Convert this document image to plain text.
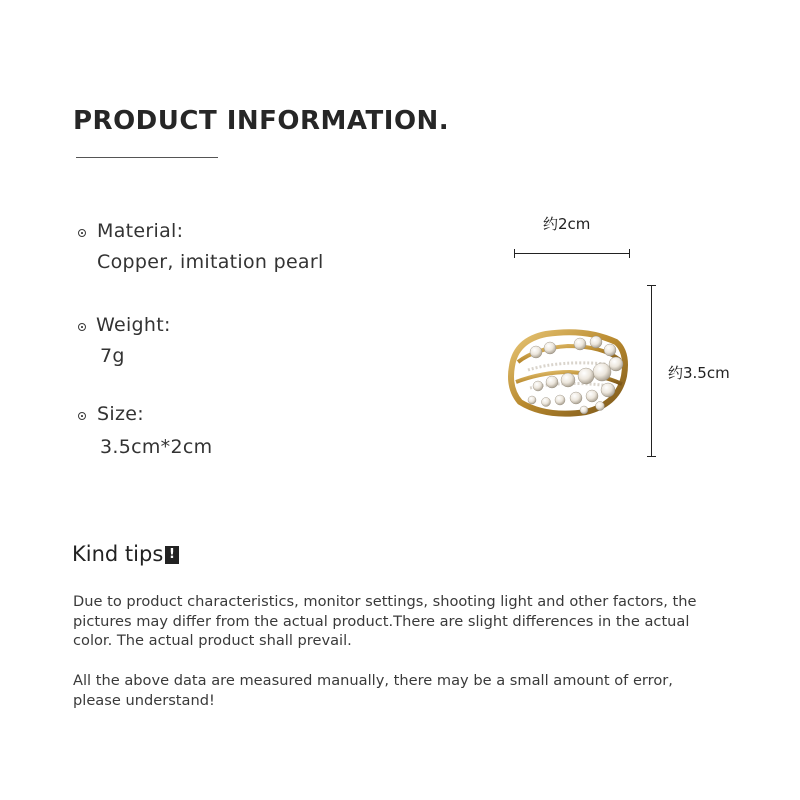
PRODUCT INFORMATION.
Material:
Copper, imitation pearl
Weight:
7g
Size:
3.5cm*2cm
约2cm
约3.5cm
Kind tips !
Due to product characteristics, monitor settings, shooting light and other factors, the pictures may differ from the actual product.There are slight differences in the actual color. The actual product shall prevail.
All the above data are measured manually, there may be a small amount of error, please understand!
